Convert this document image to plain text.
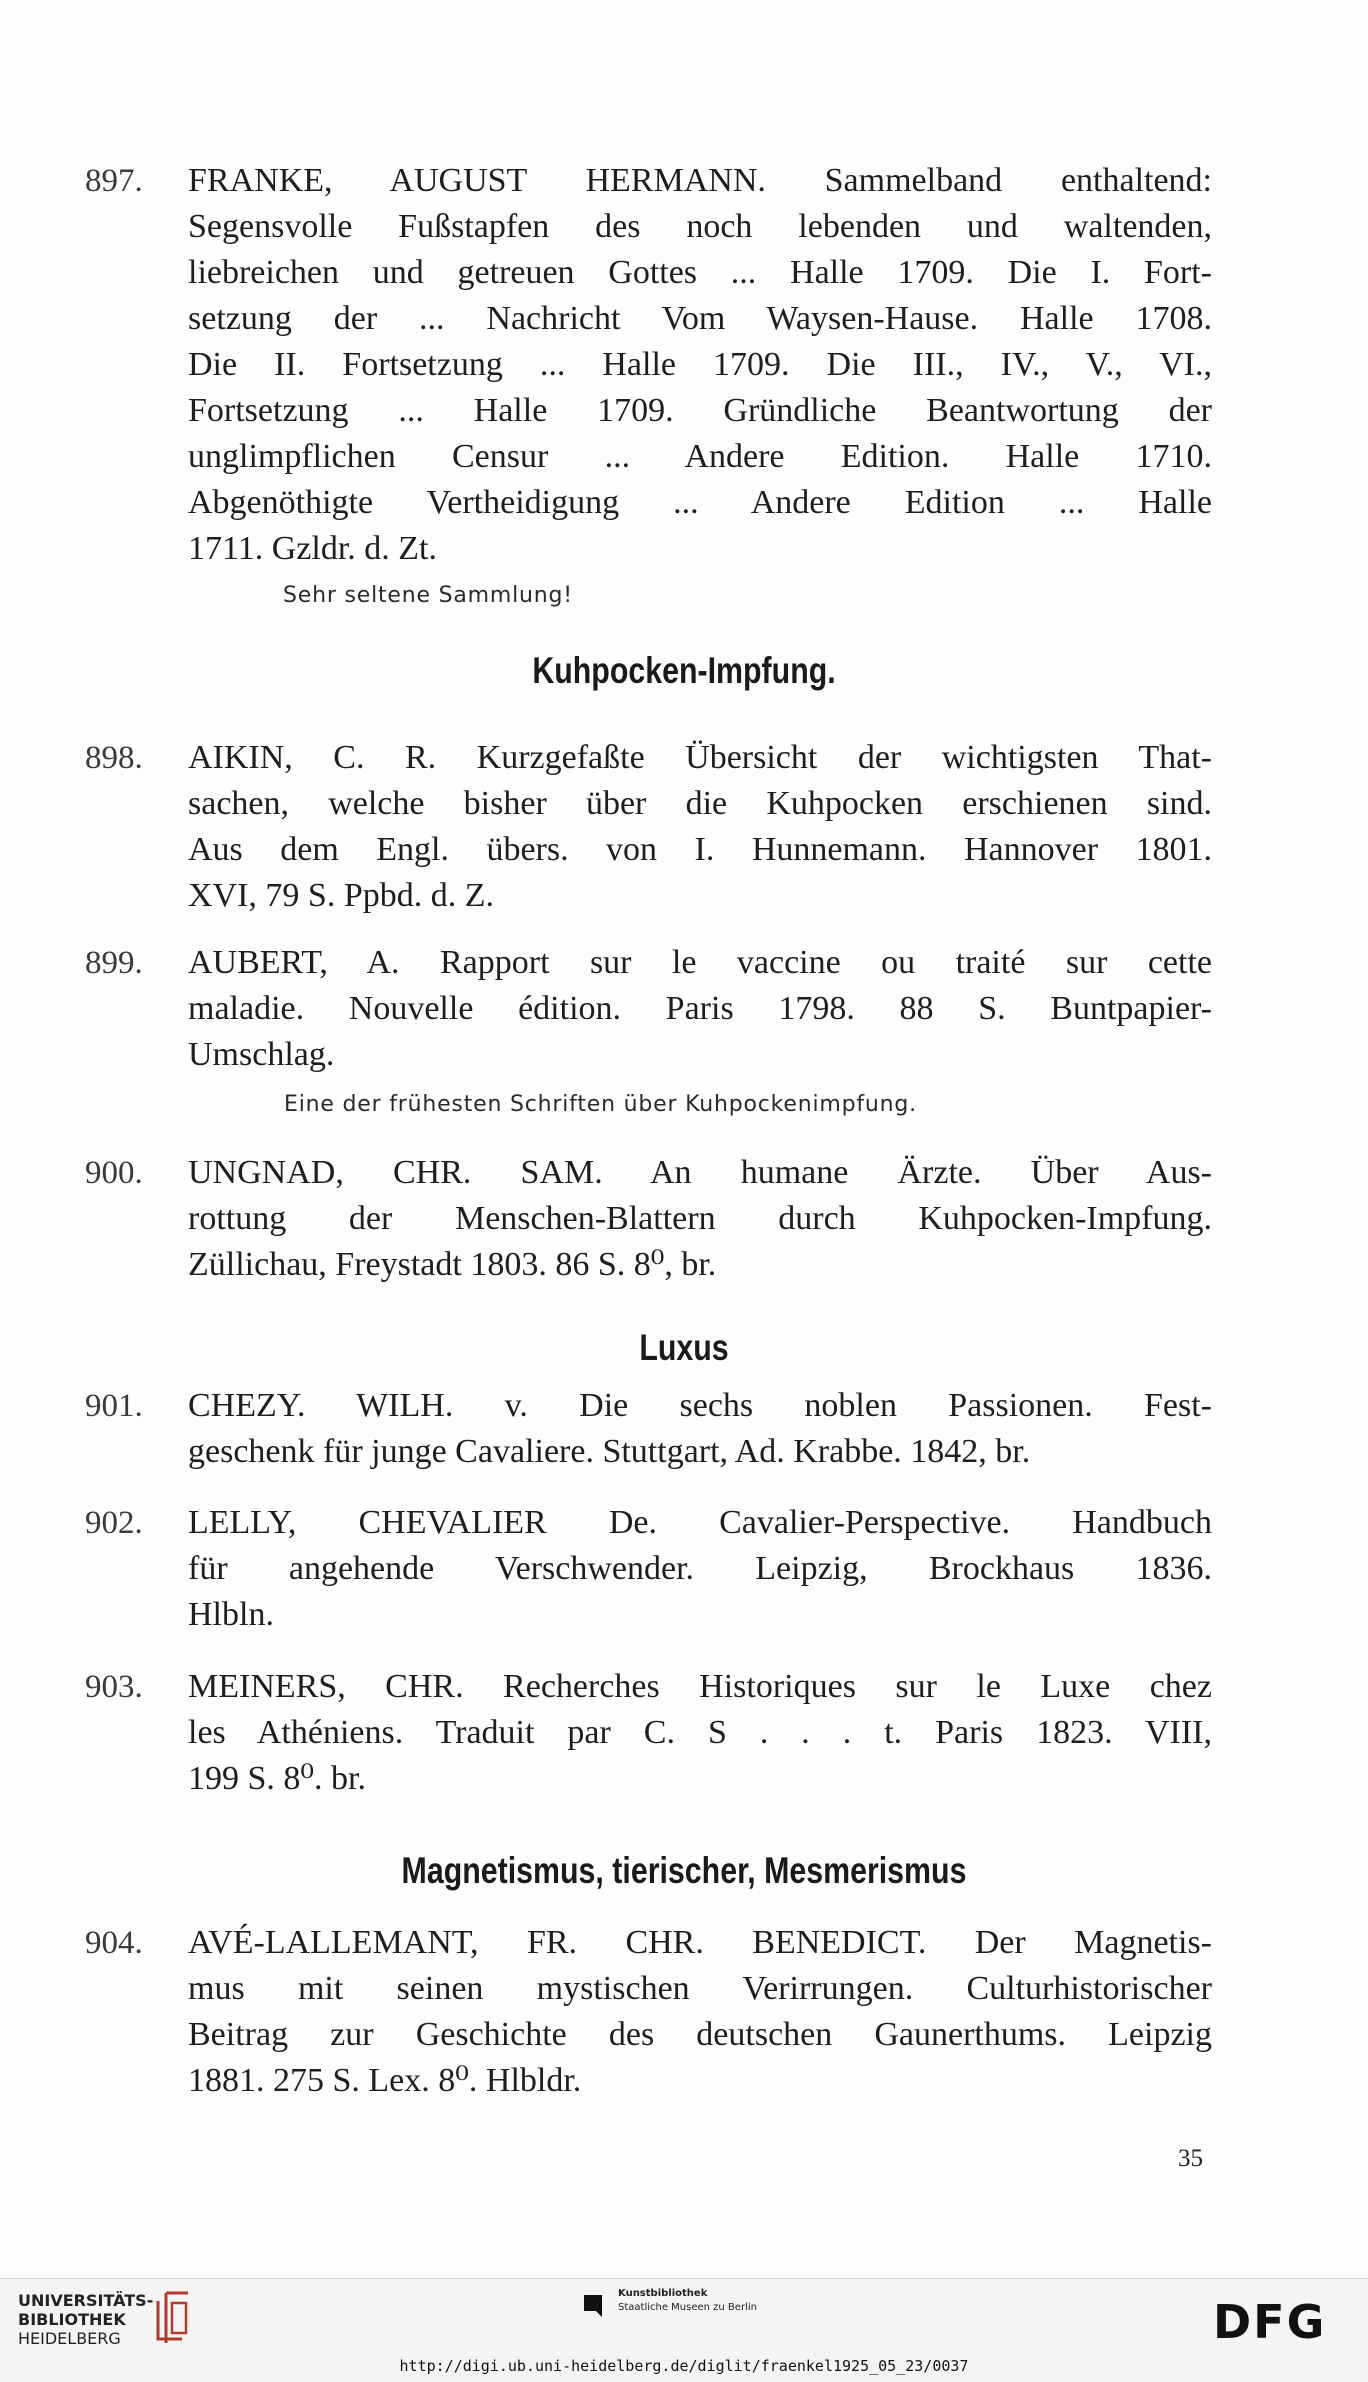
897.	FRANKE, AUGUST HERMANN. Sammelband enthaltend:
Segensvolle Fußstapfen des noch lebenden und waltenden,
liebreichen und getreuen Gottes ... Halle 1709. Die I. Fort-
setzung der ... Nachricht Vom Waysen-Hause. Halle 1708.
Die II. Fortsetzung ... Halle 1709. Die III., IV., V., VI.,
Fortsetzung ... Halle 1709. Gründliche Beantwortung der
unglimpflichen Censur ... Andere Edition. Halle 1710.
Abgenöthigte Vertheidigung ... Andere Edition ... Halle
1711. Gzldr. d. Zt.
Sehr seltene Sammlung!
Kuhpocken-Impfung.
898.	AIKIN, C. R. Kurzgefaßte Übersicht der wichtigsten That-
sachen, welche bisher über die Kuhpocken erschienen sind.
Aus dem Engl. übers. von I. Hunnemann. Hannover 1801.
XVI, 79 S. Ppbd. d. Z.
899.	AUBERT, A. Rapport sur le vaccine ou traité sur cette
maladie. Nouvelle édition. Paris 1798. 88 S. Buntpapier-
Umschlag.
Eine der frühesten Schriften über Kuhpockenimpfung.
900.	UNGNAD, CHR. SAM. An humane Ärzte. Über Aus-
rottung der Menschen-Blattern durch Kuhpocken-Impfung.
Züllichau, Freystadt 1803. 86 S. 8⁰, br.
Luxus
901.	CHEZY. WILH. v. Die sechs noblen Passionen. Fest-
geschenk für junge Cavaliere. Stuttgart, Ad. Krabbe. 1842, br.
902.	LELLY, CHEVALIER De. Cavalier-Perspective. Handbuch
für angehende Verschwender. Leipzig, Brockhaus 1836.
Hlbln.
903.	MEINERS, CHR. Recherches Historiques sur le Luxe chez
les Athéniens. Traduit par C. S . . . t. Paris 1823. VIII,
199 S. 8⁰. br.
Magnetismus, tierischer, Mesmerismus
904.	AVÉ-LALLEMANT, FR. CHR. BENEDICT. Der Magnetis-
mus mit seinen mystischen Verirrungen. Culturhistorischer
Beitrag zur Geschichte des deutschen Gaunerthums. Leipzig
1881. 275 S. Lex. 8⁰. Hlbldr.
35
UNIVERSITÄTS-
BIBLIOTHEK
HEIDELBERG
Kunstbibliothek
Staatliche Museen zu Berlin	DFG
http://digi.ub.uni-heidelberg.de/diglit/fraenkel1925_05_23/0037
